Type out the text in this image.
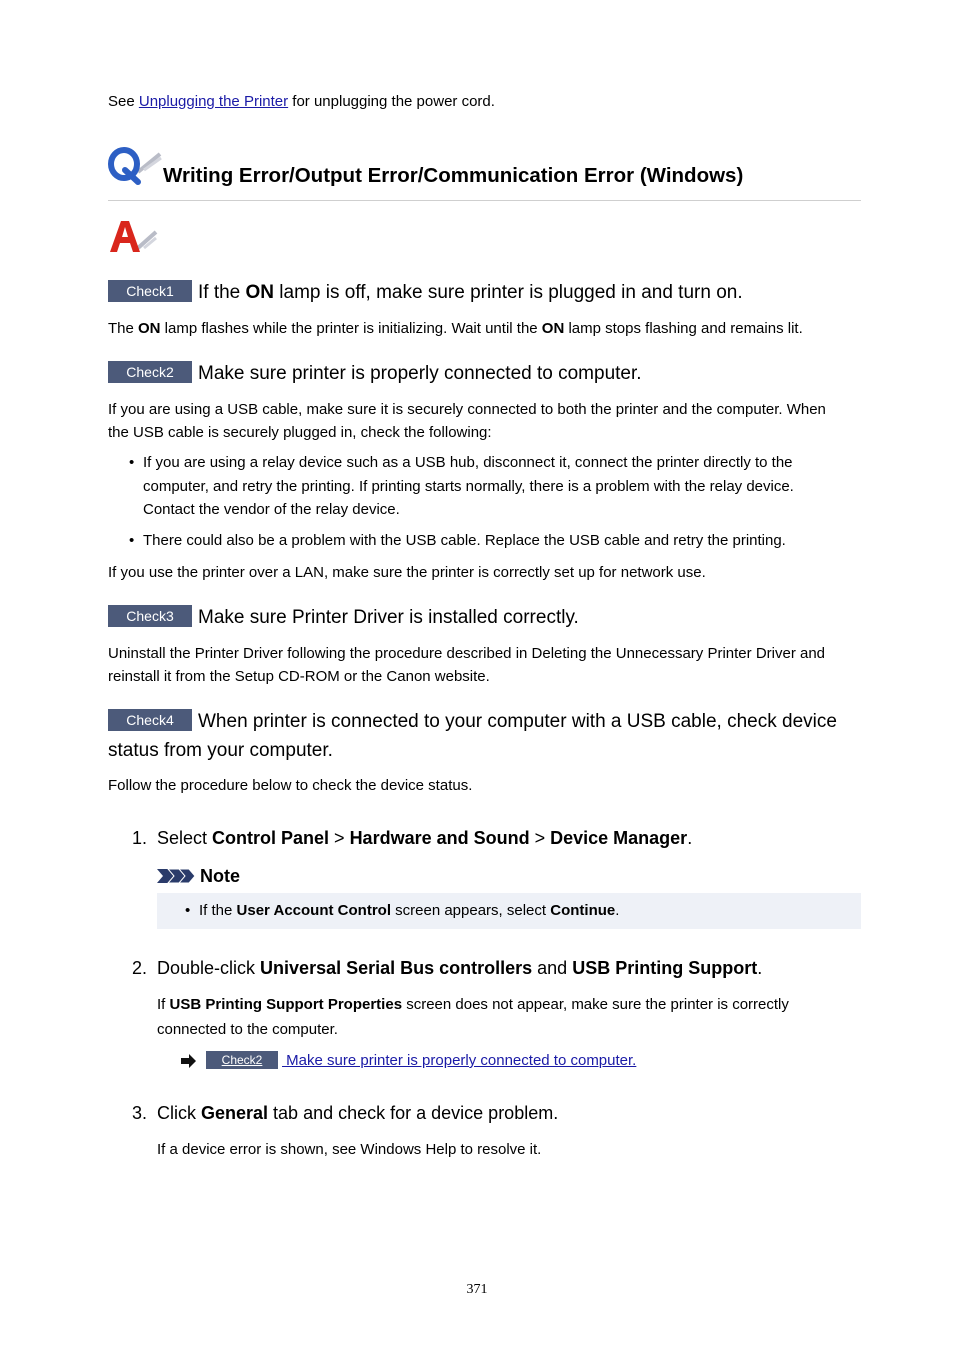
See Unplugging the Printer for unplugging the power cord.

Writing Error/Output Error/Communication Error (Windows)

Check1 If the ON lamp is off, make sure printer is plugged in and turn on.

The ON lamp flashes while the printer is initializing. Wait until the ON lamp stops flashing and remains lit.

Check2 Make sure printer is properly connected to computer.

If you are using a USB cable, make sure it is securely connected to both the printer and the computer. When
the USB cable is securely plugged in, check the following:

• If you are using a relay device such as a USB hub, disconnect it, connect the printer directly to the
computer, and retry the printing. If printing starts normally, there is a problem with the relay device.
Contact the vendor of the relay device.
• There could also be a problem with the USB cable. Replace the USB cable and retry the printing.

If you use the printer over a LAN, make sure the printer is correctly set up for network use.

Check3 Make sure Printer Driver is installed correctly.

Uninstall the Printer Driver following the procedure described in Deleting the Unnecessary Printer Driver and
reinstall it from the Setup CD-ROM or the Canon website.

Check4 When printer is connected to your computer with a USB cable, check device
status from your computer.

Follow the procedure below to check the device status.

1. Select Control Panel > Hardware and Sound > Device Manager.
Note
• If the User Account Control screen appears, select Continue.
2. Double-click Universal Serial Bus controllers and USB Printing Support.

If USB Printing Support Properties screen does not appear, make sure the printer is correctly
connected to the computer.

Check2 Make sure printer is properly connected to computer.
3. Click General tab and check for a device problem.

If a device error is shown, see Windows Help to resolve it.

371
